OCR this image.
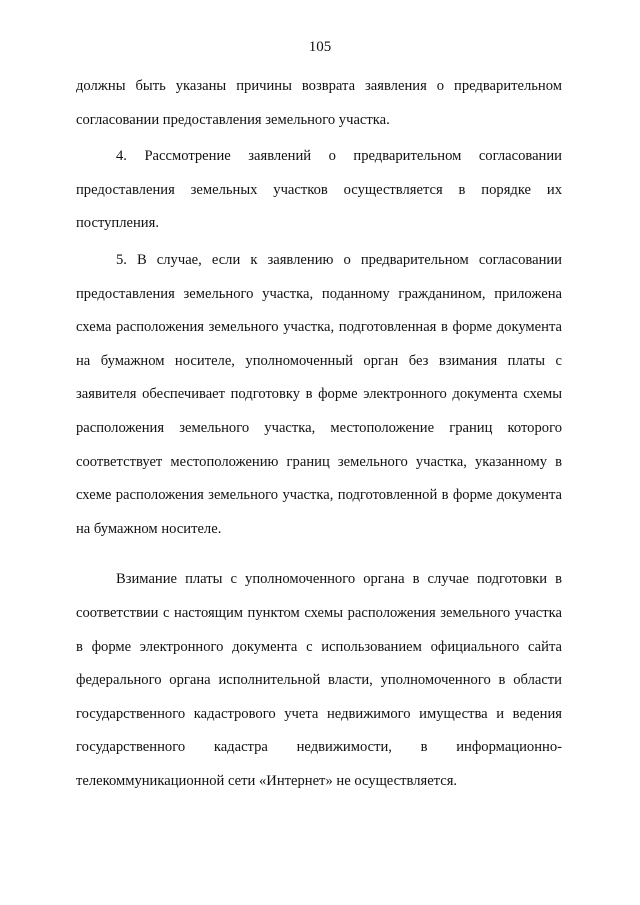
105

должны быть указаны причины возврата заявления о предварительном согласовании предоставления земельного участка.

4. Рассмотрение заявлений о предварительном согласовании предоставления земельных участков осуществляется в порядке их поступления.

5. В случае, если к заявлению о предварительном согласовании предоставления земельного участка, поданному гражданином, приложена схема расположения земельного участка, подготовленная в форме документа на бумажном носителе, уполномоченный орган без взимания платы с заявителя обеспечивает подготовку в форме электронного документа схемы расположения земельного участка, местоположение границ которого соответствует местоположению границ земельного участка, указанному в схеме расположения земельного участка, подготовленной в форме документа на бумажном носителе.

Взимание платы с уполномоченного органа в случае подготовки в соответствии с настоящим пунктом схемы расположения земельного участка в форме электронного документа с использованием официального сайта федерального органа исполнительной власти, уполномоченного в области государственного кадастрового учета недвижимого имущества и ведения государственного кадастра недвижимости, в информационно-телекоммуникационной сети «Интернет» не осуществляется.
